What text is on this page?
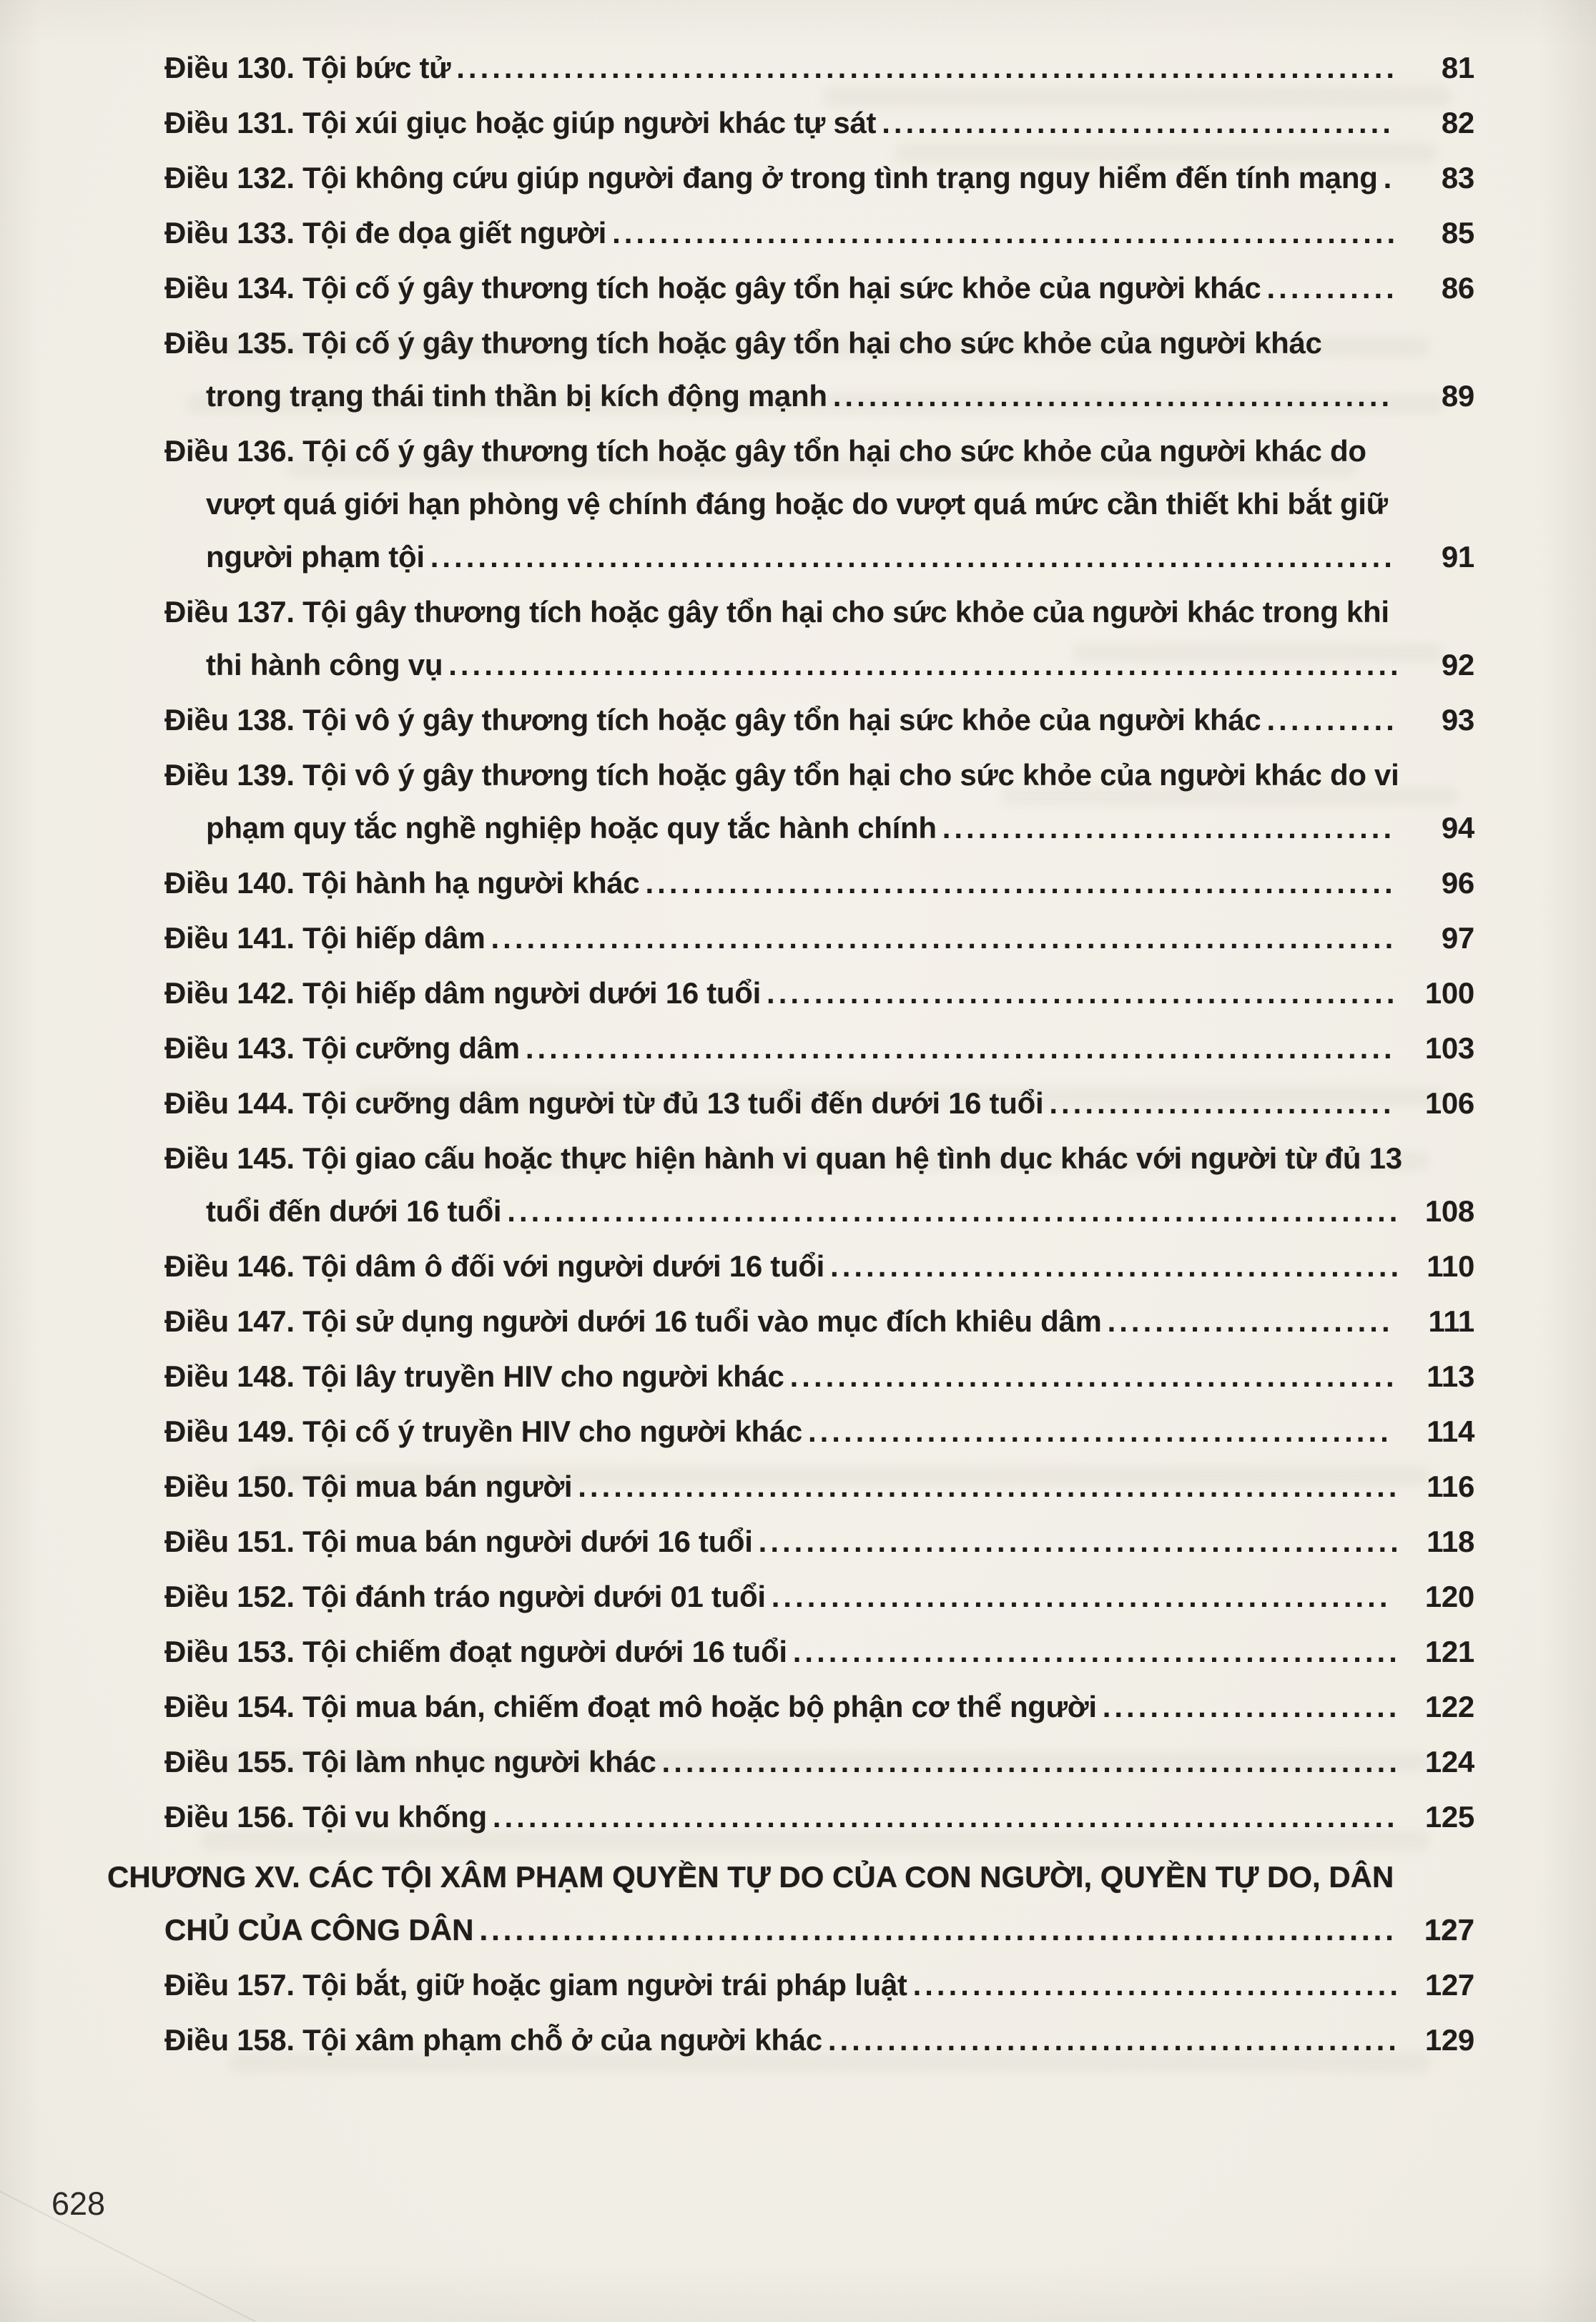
Điều 130. Tội bức tử ............................................................................... 81
Điều 131. Tội xúi giục hoặc giúp người khác tự sát ........................................... 82
Điều 132. Tội không cứu giúp người đang ở trong tình trạng nguy hiểm đến tính mạng . 83
Điều 133. Tội đe dọa giết người .................................................................. 85
Điều 134. Tội cố ý gây thương tích hoặc gây tổn hại sức khỏe của người khác ........... 86
Điều 135. Tội cố ý gây thương tích hoặc gây tổn hại cho sức khỏe của người khác trong trạng thái tinh thần bị kích động mạnh ............................................... 89
Điều 136. Tội cố ý gây thương tích hoặc gây tổn hại cho sức khỏe của người khác do vượt quá giới hạn phòng vệ chính đáng hoặc do vượt quá mức cần thiết khi bắt giữ người phạm tội ................................................................................. 91
Điều 137. Tội gây thương tích hoặc gây tổn hại cho sức khỏe của người khác trong khi thi hành công vụ ................................................................................ 92
Điều 138. Tội vô ý gây thương tích hoặc gây tổn hại sức khỏe của người khác ........... 93
Điều 139. Tội vô ý gây thương tích hoặc gây tổn hại cho sức khỏe của người khác do vi phạm quy tắc nghề nghiệp hoặc quy tắc hành chính ...................................... 94
Điều 140. Tội hành hạ người khác ............................................................... 96
Điều 141. Tội hiếp dâm ............................................................................ 97
Điều 142. Tội hiếp dâm người dưới 16 tuổi ..................................................... 100
Điều 143. Tội cưỡng dâm ......................................................................... 103
Điều 144. Tội cưỡng dâm người từ đủ 13 tuổi đến dưới 16 tuổi ............................. 106
Điều 145. Tội giao cấu hoặc thực hiện hành vi quan hệ tình dục khác với người từ đủ 13 tuổi đến dưới 16 tuổi ........................................................................... 108
Điều 146. Tội dâm ô đối với người dưới 16 tuổi ................................................ 110
Điều 147. Tội sử dụng người dưới 16 tuổi vào mục đích khiêu dâm ........................ 111
Điều 148. Tội lây truyền HIV cho người khác ................................................... 113
Điều 149. Tội cố ý truyền HIV cho người khác ................................................. 114
Điều 150. Tội mua bán người ..................................................................... 116
Điều 151. Tội mua bán người dưới 16 tuổi ...................................................... 118
Điều 152. Tội đánh tráo người dưới 01 tuổi .................................................... 120
Điều 153. Tội chiếm đoạt người dưới 16 tuổi ................................................... 121
Điều 154. Tội mua bán, chiếm đoạt mô hoặc bộ phận cơ thể người ......................... 122
Điều 155. Tội làm nhục người khác .............................................................. 124
Điều 156. Tội vu khống ............................................................................ 125
CHƯƠNG XV. CÁC TỘI XÂM PHẠM QUYỀN TỰ DO CỦA CON NGƯỜI, QUYỀN TỰ DO, DÂN CHỦ CỦA CÔNG DÂN ............................................................................. 127
Điều 157. Tội bắt, giữ hoặc giam người trái pháp luật ......................................... 127
Điều 158. Tội xâm phạm chỗ ở của người khác ................................................ 129
628
